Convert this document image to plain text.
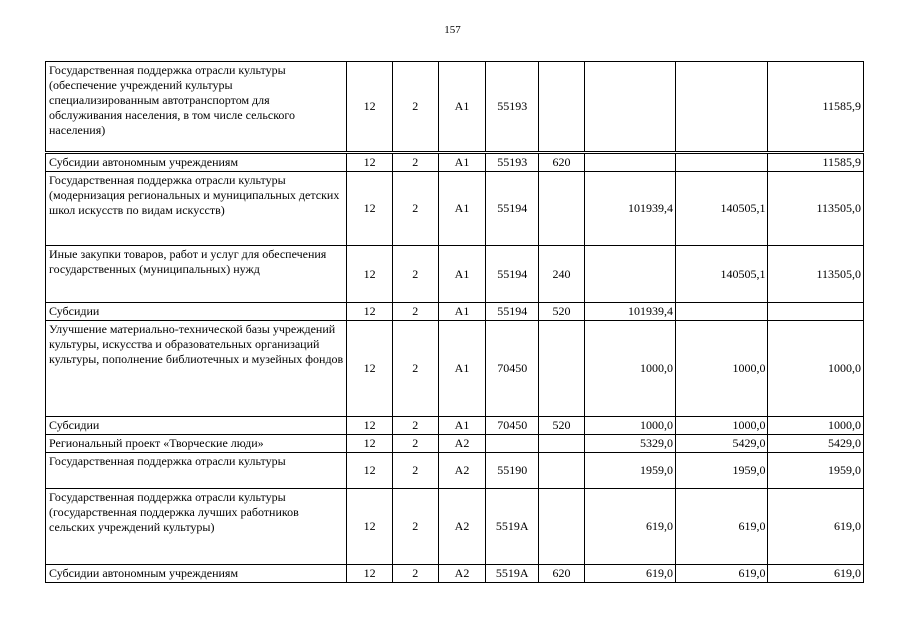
157
Государственная поддержка отрасли культуры (обеспечение учреждений культуры специализированным автотранспортом для обслуживания населения, в том числе сельского населения)	12	2	А1	55193				11585,9
Субсидии автономным учреждениям	12	2	А1	55193	620			11585,9
Государственная поддержка отрасли культуры (модернизация региональных и муниципальных детских школ искусств по видам искусств)	12	2	А1	55194		101939,4	140505,1	113505,0
Иные закупки товаров, работ и услуг для обеспечения государственных (муниципальных) нужд	12	2	А1	55194	240		140505,1	113505,0
Субсидии	12	2	А1	55194	520	101939,4		
Улучшение материально-технической базы учреждений культуры, искусства и образовательных организаций культуры, пополнение библиотечных и музейных фондов	12	2	А1	70450		1000,0	1000,0	1000,0
Субсидии	12	2	А1	70450	520	1000,0	1000,0	1000,0
Региональный проект «Творческие люди»	12	2	А2			5329,0	5429,0	5429,0
Государственная поддержка отрасли культуры	12	2	А2	55190		1959,0	1959,0	1959,0
Государственная поддержка отрасли культуры (государственная поддержка лучших работников сельских учреждений культуры)	12	2	А2	5519А		619,0	619,0	619,0
Субсидии автономным учреждениям	12	2	А2	5519А	620	619,0	619,0	619,0
